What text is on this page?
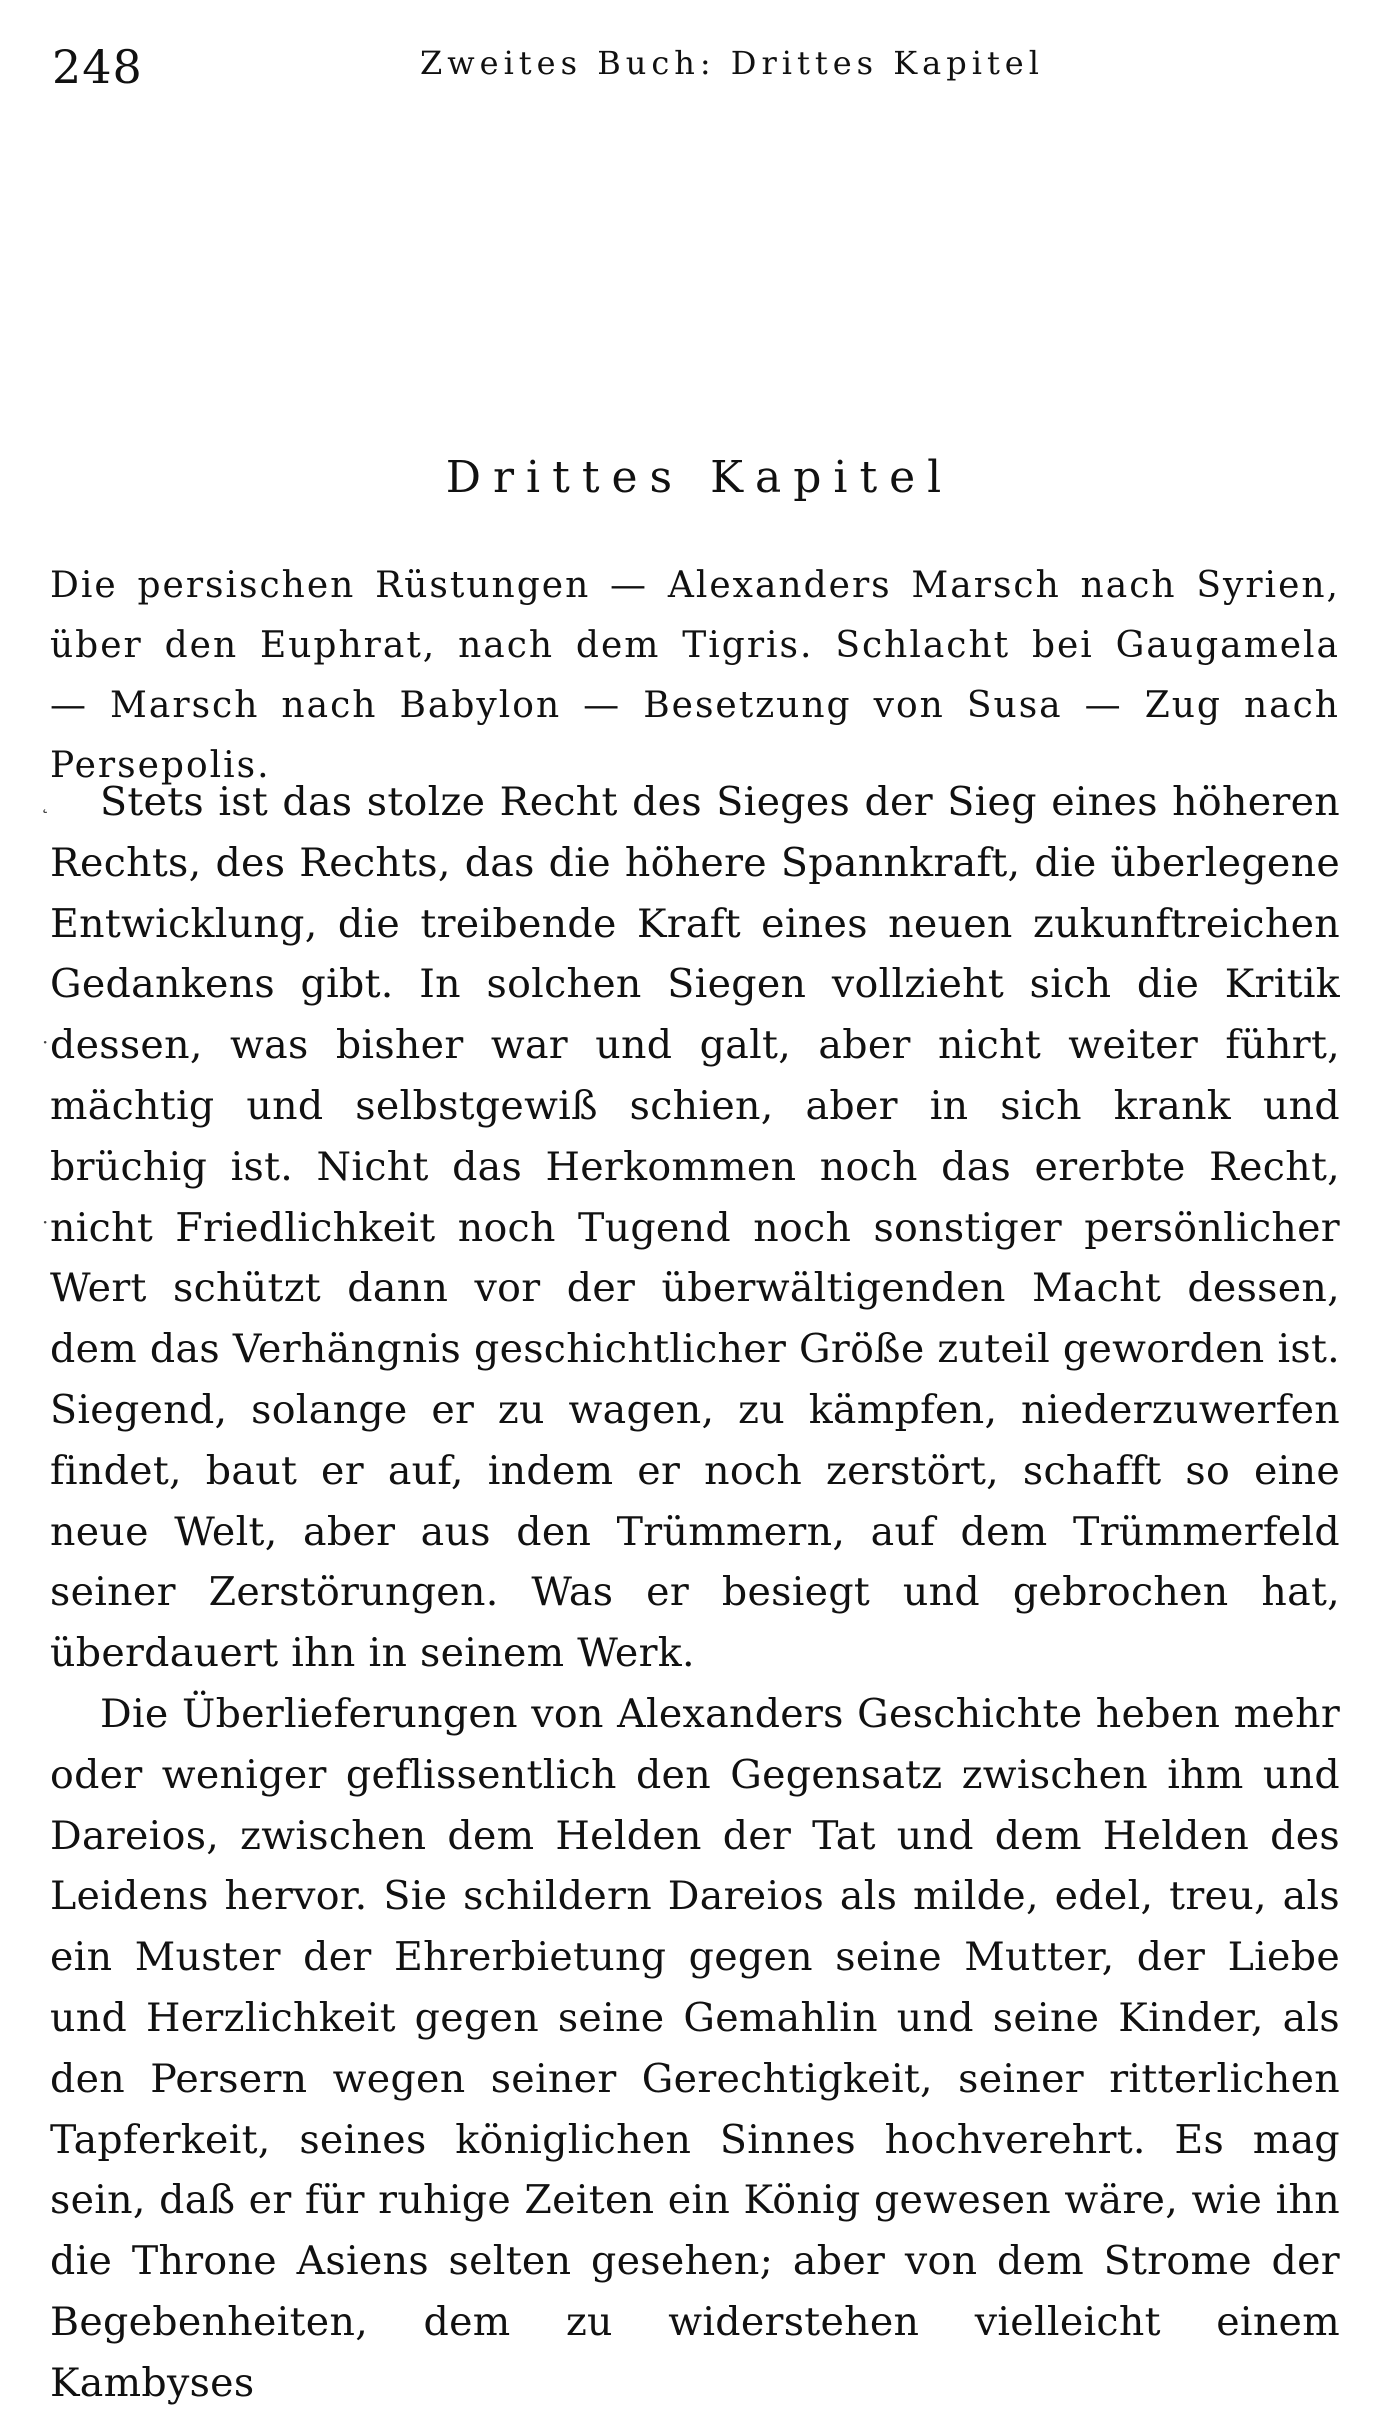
248	Zweites Buch: Drittes Kapitel
Drittes Kapitel
Die persischen Rüstungen — Alexanders Marsch nach Syrien, über den Euphrat, nach dem Tigris. Schlacht bei Gaugamela — Marsch nach Babylon — Besetzung von Susa — Zug nach Persepolis.

Stets ist das stolze Recht des Sieges der Sieg eines höheren Rechts, des Rechts, das die höhere Spannkraft, die überlegene Entwicklung, die treibende Kraft eines neuen zukunftreichen Gedankens gibt. In solchen Siegen vollzieht sich die Kritik dessen, was bisher war und galt, aber nicht weiter führt, mächtig und selbstgewiß schien, aber in sich krank und brüchig ist. Nicht das Herkommen noch das ererbte Recht, nicht Friedlichkeit noch Tugend noch sonstiger persönlicher Wert schützt dann vor der überwältigenden Macht dessen, dem das Verhängnis geschichtlicher Größe zuteil geworden ist. Siegend, solange er zu wagen, zu kämpfen, niederzuwerfen findet, baut er auf, indem er noch zerstört, schafft so eine neue Welt, aber aus den Trümmern, auf dem Trümmerfeld seiner Zerstörungen. Was er besiegt und gebrochen hat, überdauert ihn in seinem Werk.

Die Überlieferungen von Alexanders Geschichte heben mehr oder weniger geflissentlich den Gegensatz zwischen ihm und Dareios, zwischen dem Helden der Tat und dem Helden des Leidens hervor. Sie schildern Dareios als milde, edel, treu, als ein Muster der Ehrerbietung gegen seine Mutter, der Liebe und Herzlichkeit gegen seine Gemahlin und seine Kinder, als den Persern wegen seiner Gerechtigkeit, seiner ritterlichen Tapferkeit, seines königlichen Sinnes hochverehrt. Es mag sein, daß er für ruhige Zeiten ein König gewesen wäre, wie ihn die Throne Asiens selten gesehen; aber von dem Strome der Begebenheiten, dem zu widerstehen vielleicht einem Kambyses

˛
·
·
